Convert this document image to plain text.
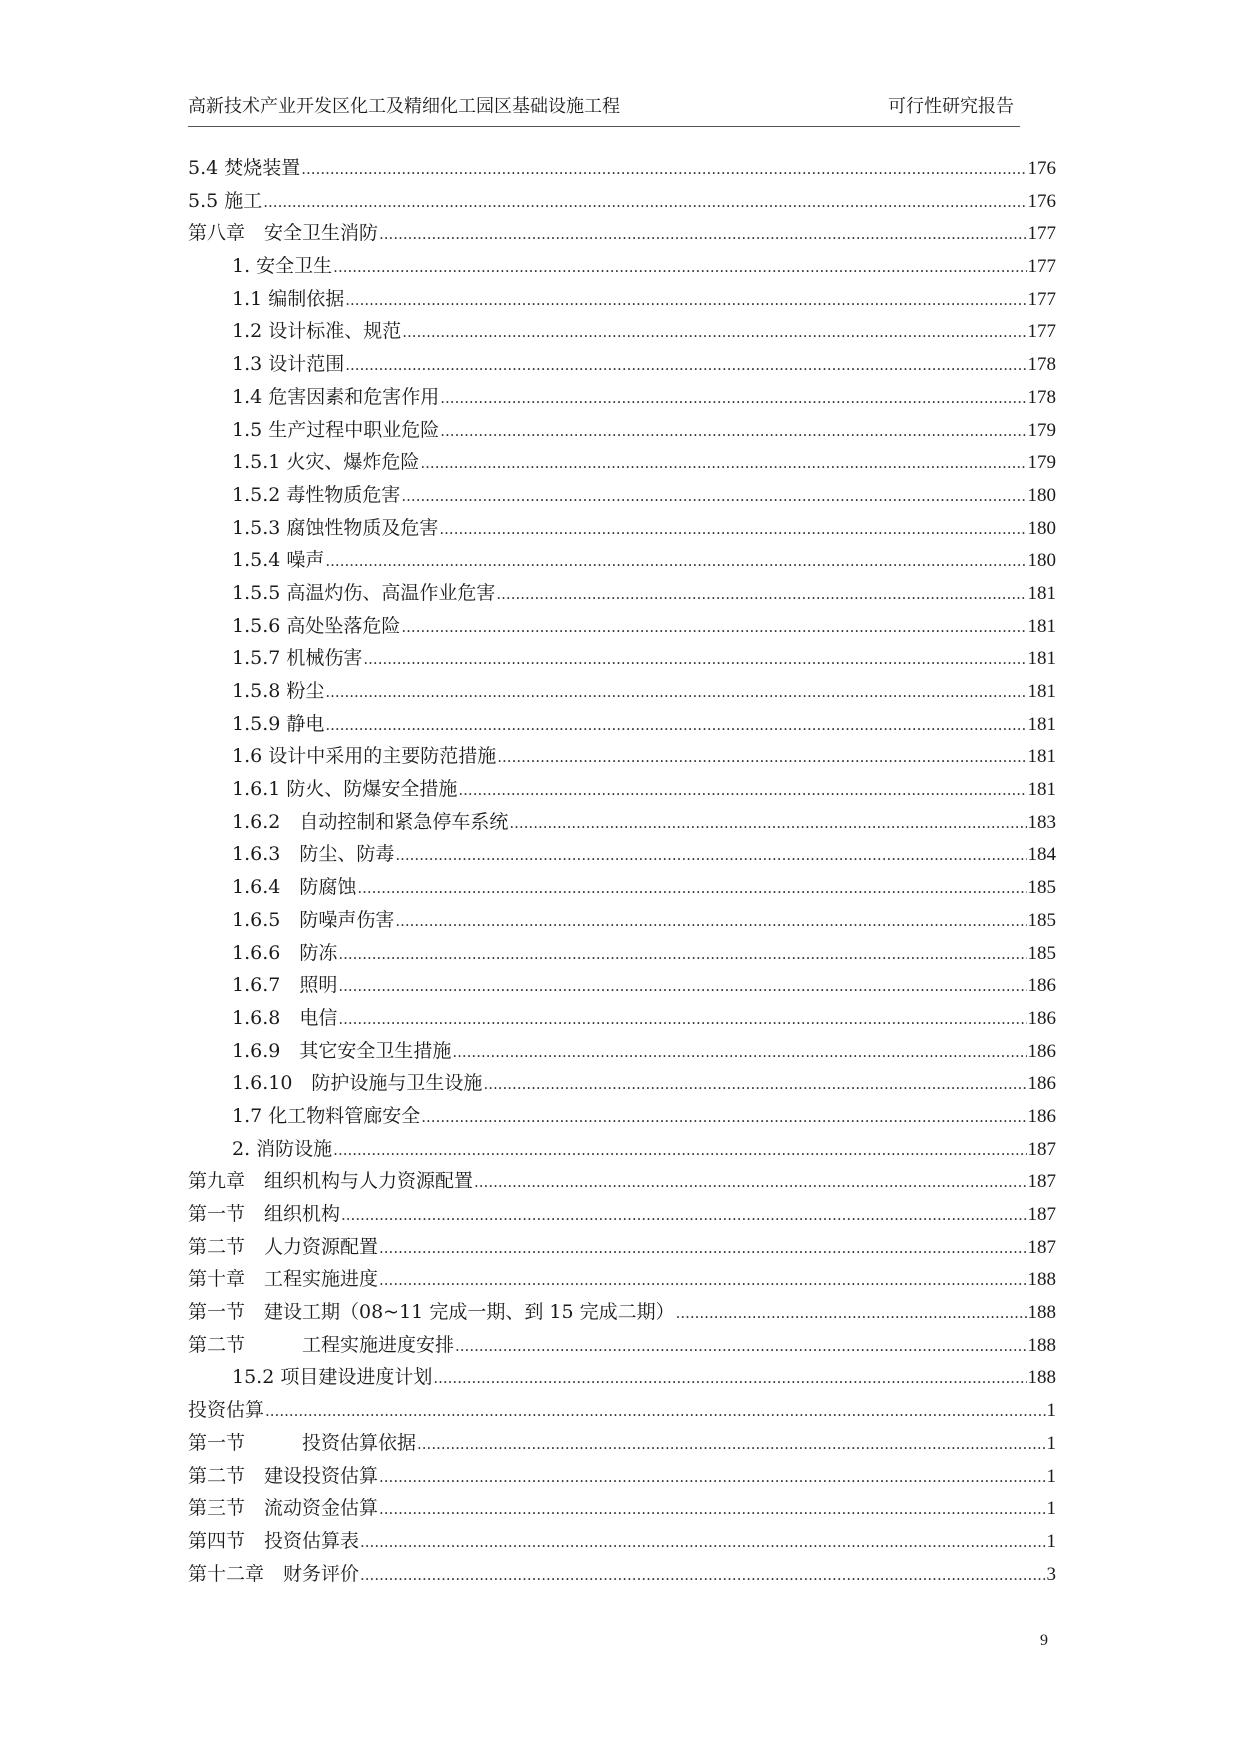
高新技术产业开发区化工及精细化工园区基础设施工程	可行性研究报告
5.4 焚烧装置 .....	176
5.5 施工 .....	176
第八章　安全卫生消防 .....	177
1. 安全卫生 .....	177
1.1 编制依据 .....	177
1.2 设计标准、规范 .....	177
1.3 设计范围 .....	178
1.4 危害因素和危害作用 .....	178
1.5 生产过程中职业危险 .....	179
1.5.1 火灾、爆炸危险 .....	179
1.5.2 毒性物质危害 .....	180
1.5.3 腐蚀性物质及危害 .....	180
1.5.4 噪声 .....	180
1.5.5 高温灼伤、高温作业危害 .....	181
1.5.6 高处坠落危险 .....	181
1.5.7 机械伤害 .....	181
1.5.8 粉尘 .....	181
1.5.9 静电 .....	181
1.6 设计中采用的主要防范措施 .....	181
1.6.1 防火、防爆安全措施 .....	181
1.6.2　自动控制和紧急停车系统 .....	183
1.6.3　防尘、防毒 .....	184
1.6.4　防腐蚀 .....	185
1.6.5　防噪声伤害 .....	185
1.6.6　防冻 .....	185
1.6.7　照明 .....	186
1.6.8　电信 .....	186
1.6.9　其它安全卫生措施 .....	186
1.6.10　防护设施与卫生设施 .....	186
1.7 化工物料管廊安全 .....	186
2. 消防设施 .....	187
第九章　组织机构与人力资源配置 .....	187
第一节　组织机构 .....	187
第二节　人力资源配置 .....	187
第十章　工程实施进度 .....	188
第一节　建设工期（08~11 完成一期、到 15 完成二期） .....	188
第二节　　　工程实施进度安排 .....	188
15.2 项目建设进度计划 .....	188
投资估算 .....	1
第一节　　　投资估算依据 .....	1
第二节　建设投资估算 .....	1
第三节　流动资金估算 .....	1
第四节　投资估算表 .....	1
第十二章　财务评价 .....	3
9
